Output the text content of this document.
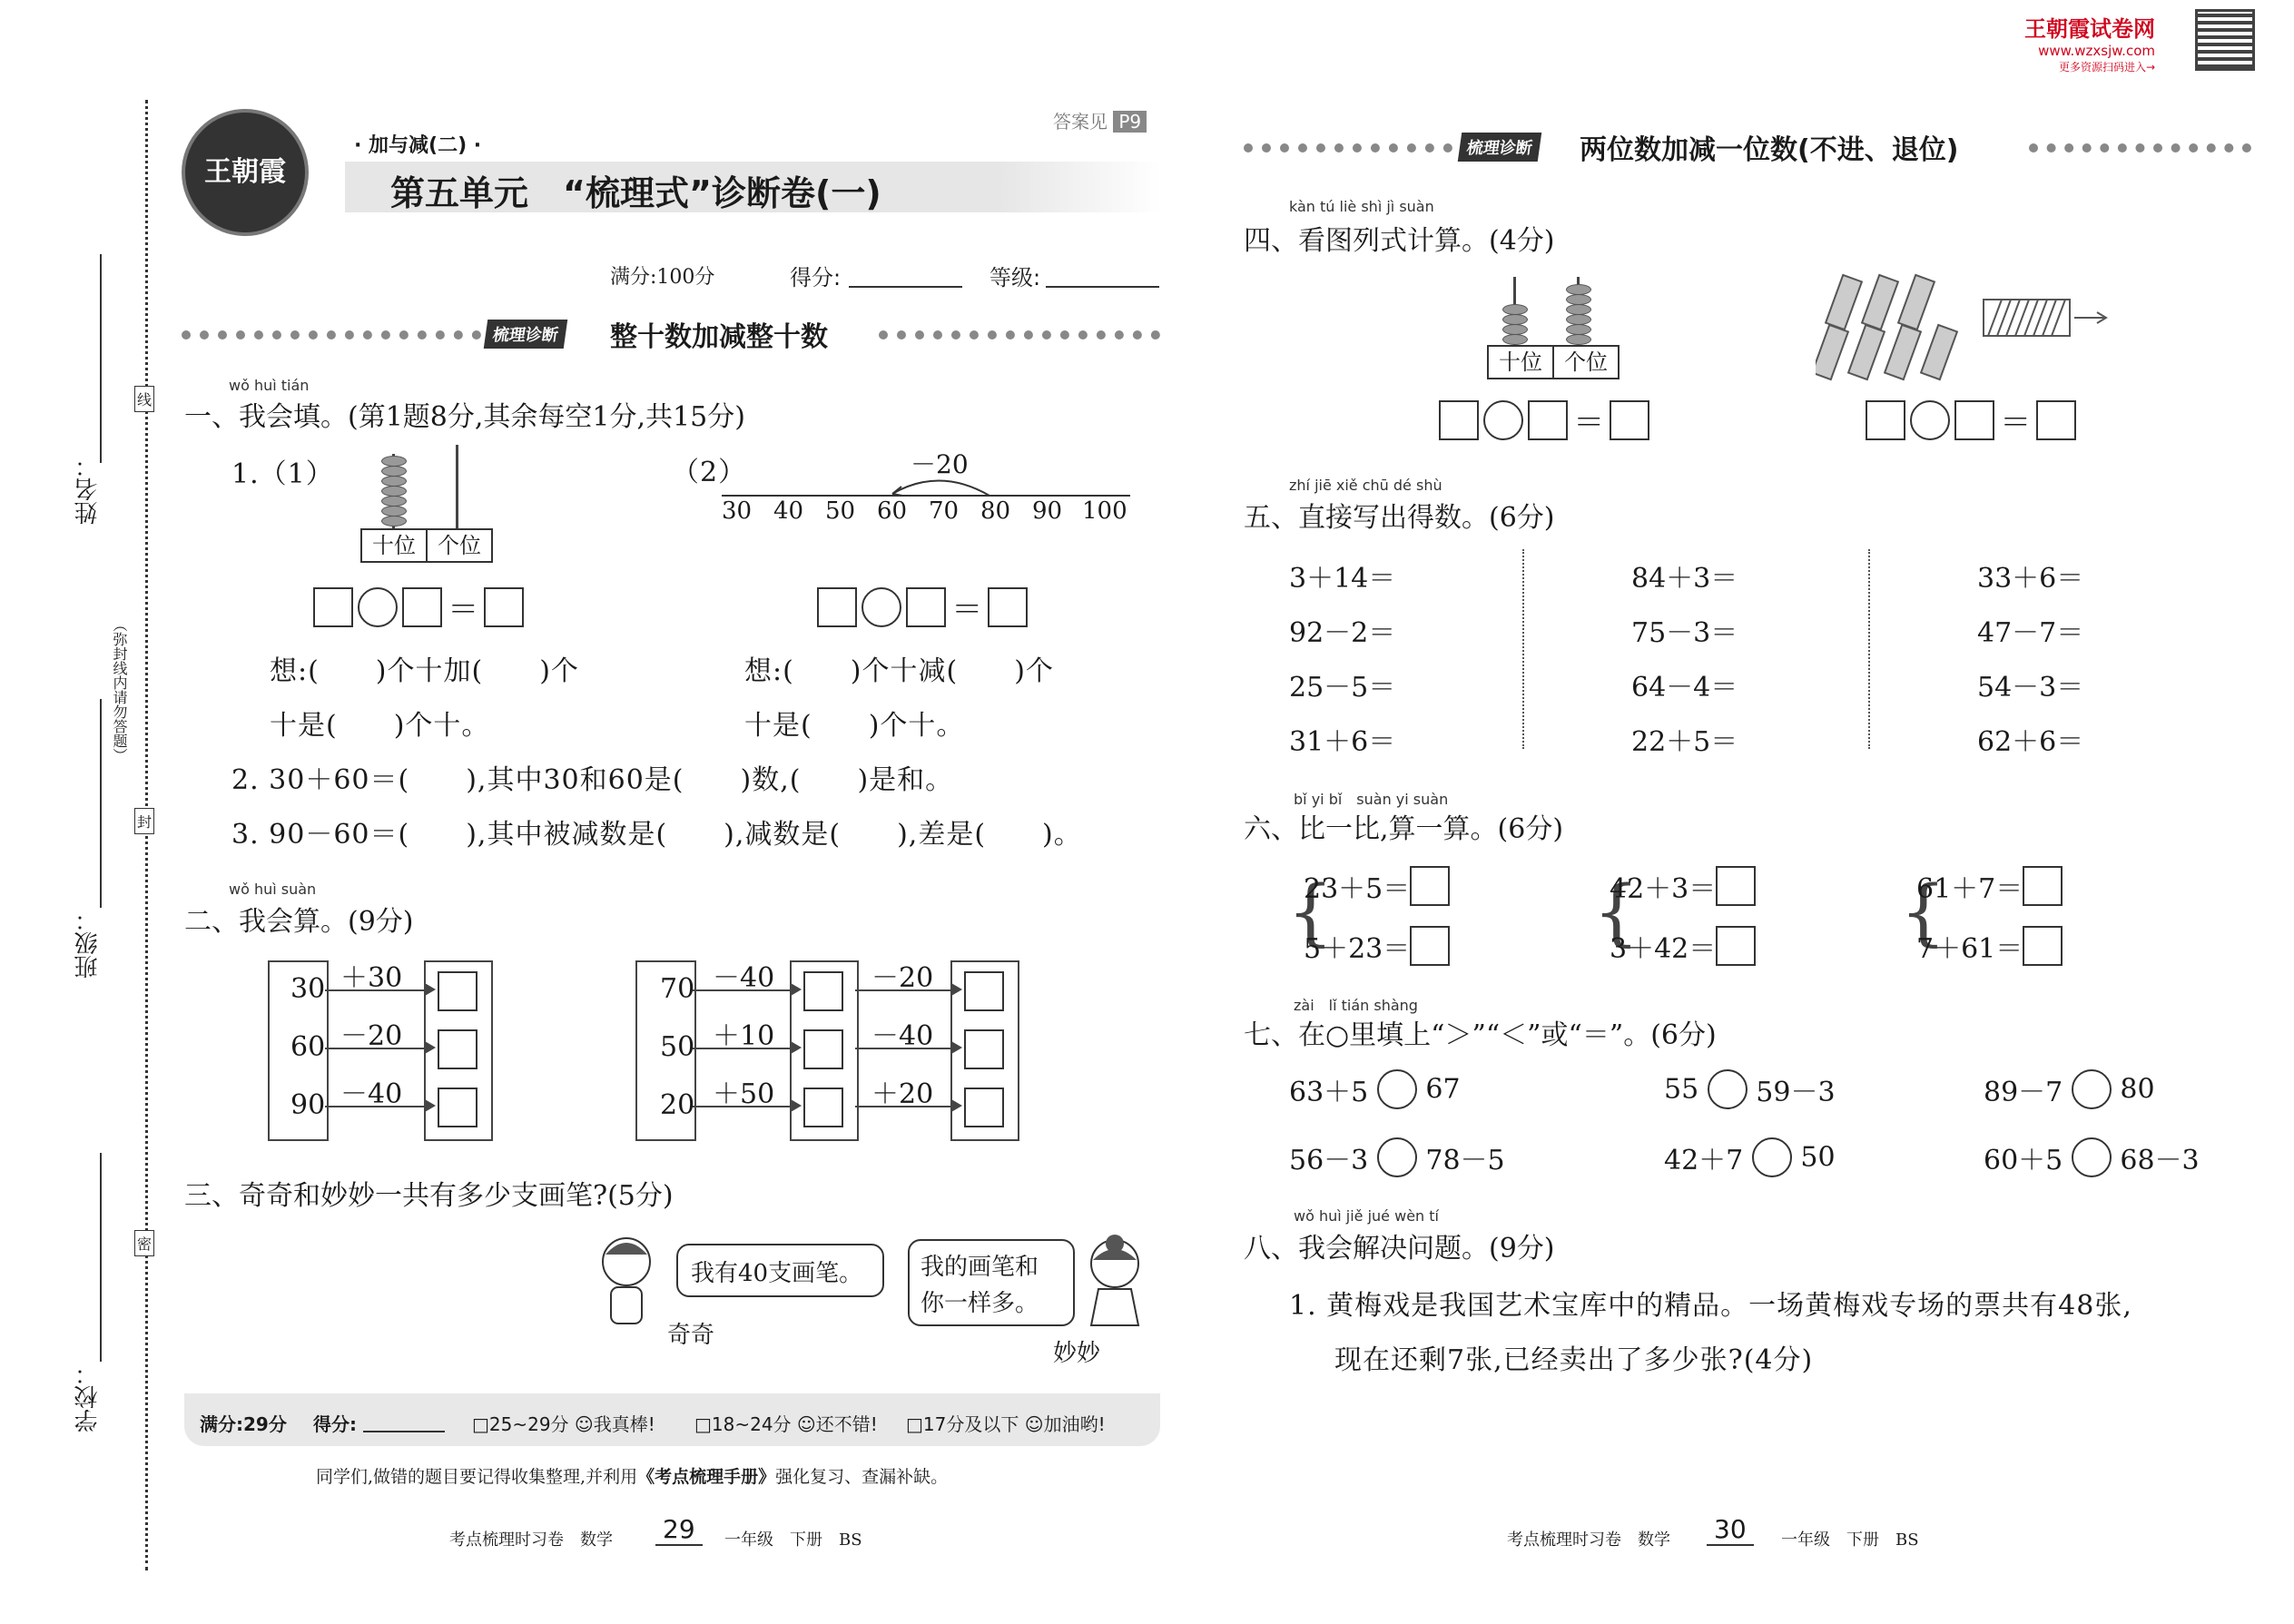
王朝霞试卷网
www.wzxsjw.com
更多资源扫码进入→
姓名：
班级：
学校：
（弥封线内请勿答题）
线
封
密
王朝霞
答案见 P9
· 加与减(二) ·
第五单元　“梳理式”诊断卷(一)
满分:100分	得分:	等级:
梳理诊断 整十数加减整十数
wǒ huì tián
一、我会填。(第1题8分,其余每空1分,共15分)
1.（1）
十位 个位
＝
想:(　　)个十加(　　)个
十是(　　)个十。
（2）	－20
30 40 50 60 70 80 90 100
＝
想:(　　)个十减(　　)个
十是(　　)个十。
2. 30＋60＝(　　),其中30和60是(　　)数,(　　)是和。
3. 90－60＝(　　),其中被减数是(　　),减数是(　　),差是(　　)。
wǒ huì suàn
二、我会算。(9分)
30
60
90
＋30
－20
－40
70
50
20
－40
＋10
＋50
－20
－40
＋20
三、奇奇和妙妙一共有多少支画笔?(5分)
我有40支画笔。
奇奇
我的画笔和
你一样多。
妙妙
满分:29分 得分:	□25~29分 ☺我真棒! □18~24分 ☺还不错! □17分及以下 ☺加油哟!
同学们,做错的题目要记得收集整理,并利用《考点梳理手册》强化复习、查漏补缺。
考点梳理时习卷　数学 29	一年级　下册　BS
梳理诊断 两位数加减一位数(不进、退位)
kàn tú liè shì jì suàn
四、看图列式计算。(4分)
十位 个位
＝	＝
zhí jiē xiě chū dé shù
五、直接写出得数。(6分)
3＋14＝
92－2＝
25－5＝
31＋6＝
84＋3＝
75－3＝
64－4＝
22＋5＝
33＋6＝
47－7＝
54－3＝
62＋6＝
bǐ yi bǐ　suàn yi suàn
六、比一比,算一算。(6分)
{
23＋5＝
5＋23＝	{
42＋3＝
3＋42＝	{
61＋7＝
7＋61＝
zài　lǐ tián shàng
七、在○里填上“＞”“＜”或“＝”。(6分)
63＋5 67	55 59－3	89－7 80
56－3 78－5	42＋7 50	60＋5 68－3
wǒ huì jiě jué wèn tí
八、我会解决问题。(9分)
1. 黄梅戏是我国艺术宝库中的精品。一场黄梅戏专场的票共有48张,
现在还剩7张,已经卖出了多少张?(4分)
考点梳理时习卷　数学 30	一年级　下册　BS
